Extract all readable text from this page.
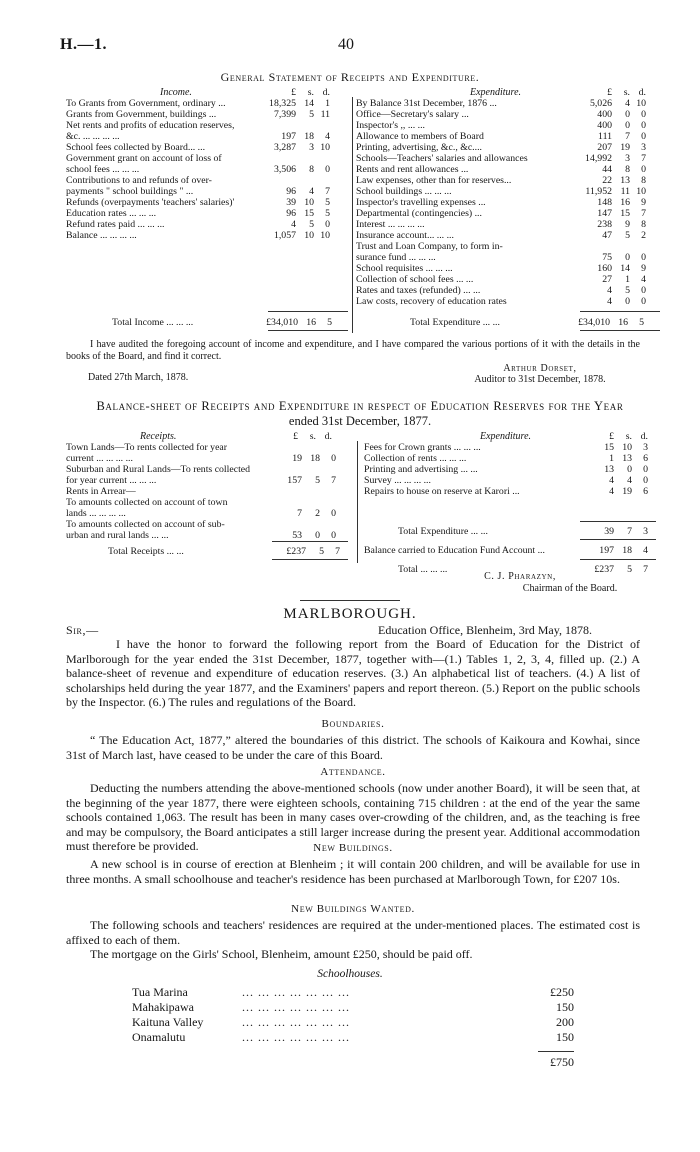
H.—1.	40
General Statement of Receipts and Expenditure.
Income.	Expenditure.
£	s. d.	£	s. d.
To Grants from Government, ordinary ...	18,325 14	1
Grants from Government, buildings ...	7,399	5 11
Net rents and profits of education reserves,
&c. ... ... ... ...	197 18	4
School fees collected by Board... ...	3,287	3 10
Government grant on account of loss of
school fees ... ... ...	3,506	8	0
Contributions to and refunds of over-
payments " school buildings " ...	96	4	7
Refunds (overpayments 'teachers' salaries)'	39 10	5
Education rates ... ... ...	96 15	5
Refund rates paid ... ... ...	4	5	0
Balance ... ... ... ...	1,057 10 10
By Balance 31st December, 1876 ...	5,026	4 10
Office—Secretary's salary ...	400	0	0
Inspector's ,, ... ...	400	0	0
Allowance to members of Board	111	7	0
Printing, advertising, &c., &c....	207 19	3
Schools—Teachers' salaries and allowances	14,992	3	7
Rents and rent allowances ...	44	8	0
Law expenses, other than for reserves...	22 13	8
School buildings ... ... ...	11,952 11 10
Inspector's travelling expenses ...	148 16	9
Departmental (contingencies) ...	147 15	7
Interest ... ... ... ...	238	9	8
Insurance account... ... ...	47	5	2
Trust and Loan Company, to form in-
surance fund ... ... ...	75	0	0
School requisites ... ... ...	160 14	9
Collection of school fees ... ...	27	1	4
Rates and taxes (refunded) ... ...	4	5	0
Law costs, recovery of education rates	4	0	0
Total Income ... ... ...	£34,010 16	5	Total Expenditure ... ...	£34,010 16	5
I have audited the foregoing account of income and expenditure, and I have compared the various portions of it with the details in the books of the Board, and find it correct.
Dated 27th March, 1878.
Arthur Dorset,
Auditor to 31st December, 1878.
Balance-sheet of Receipts and Expenditure in respect of Education Reserves for the Year
ended 31st December, 1877.
Receipts.	Expenditure.
£	s. d.	£	s. d.
Town Lands—To rents collected for year
current ... ... ... ...	19 18	0
Suburban and Rural Lands—To rents collected
for year current ... ... ...	157	5	7
Rents in Arrear—
To amounts collected on account of town
lands ... ... ... ...	7	2	0
To amounts collected on account of sub-
urban and rural lands ... ...	53	0	0
Fees for Crown grants ... ... ...	15 10	3
Collection of rents ... ... ...	1 13	6
Printing and advertising ... ...	13	0	0
Survey ... ... ... ...	4	4	0
Repairs to house on reserve at Karori ...	4 19	6
Total Expenditure ... ...	39	7	3
Balance carried to Education Fund Account ...	197 18	4
Total Receipts ... ...	£237	5	7
Total ... ... ...	£237	5	7
C. J. Pharazyn,
Chairman of the Board.
MARLBOROUGH.
Sir,—	Education Office, Blenheim, 3rd May, 1878.
I have the honor to forward the following report from the Board of Education for the District of Marlborough for the year ended the 31st December, 1877, together with—(1.) Tables 1, 2, 3, 4, filled up. (2.) A balance-sheet of revenue and expenditure of education reserves. (3.) An alphabetical list of teachers. (4.) A list of scholarships held during the year 1877, and the Examiners' papers and report thereon. (5.) Report on the public schools by the Inspector. (6.) The rules and regulations of the Board.
Boundaries.
“ The Education Act, 1877,” altered the boundaries of this district. The schools of Kaikoura and Kowhai, since 31st of March last, have ceased to be under the care of this Board.
Attendance.
Deducting the numbers attending the above-mentioned schools (now under another Board), it will be seen that, at the beginning of the year 1877, there were eighteen schools, containing 715 children : at the end of the year the same schools contained 1,063. The result has been in many cases over-crowding of the children, and, as the teaching is free and may be compulsory, the Board anticipates a still larger increase during the present year. Additional accommodation must therefore be provided.	New Buildings.
A new school is in course of erection at Blenheim ; it will contain 200 children, and will be available for use in three months. A small schoolhouse and teacher's residence has been purchased at Marlborough Town, for £207 10s.
New Buildings Wanted.
The following schools and teachers' residences are required at the under-mentioned places. The estimated cost is affixed to each of them.
The mortgage on the Girls' School, Blenheim, amount £250, should be paid off.
Schoolhouses.
Tua Marina	... ... ... ... ... ... ...	£250
Mahakipawa	... ... ... ... ... ... ...	150
Kaituna Valley	... ... ... ... ... ... ...	200
Onamalutu	... ... ... ... ... ... ...	150
£750
